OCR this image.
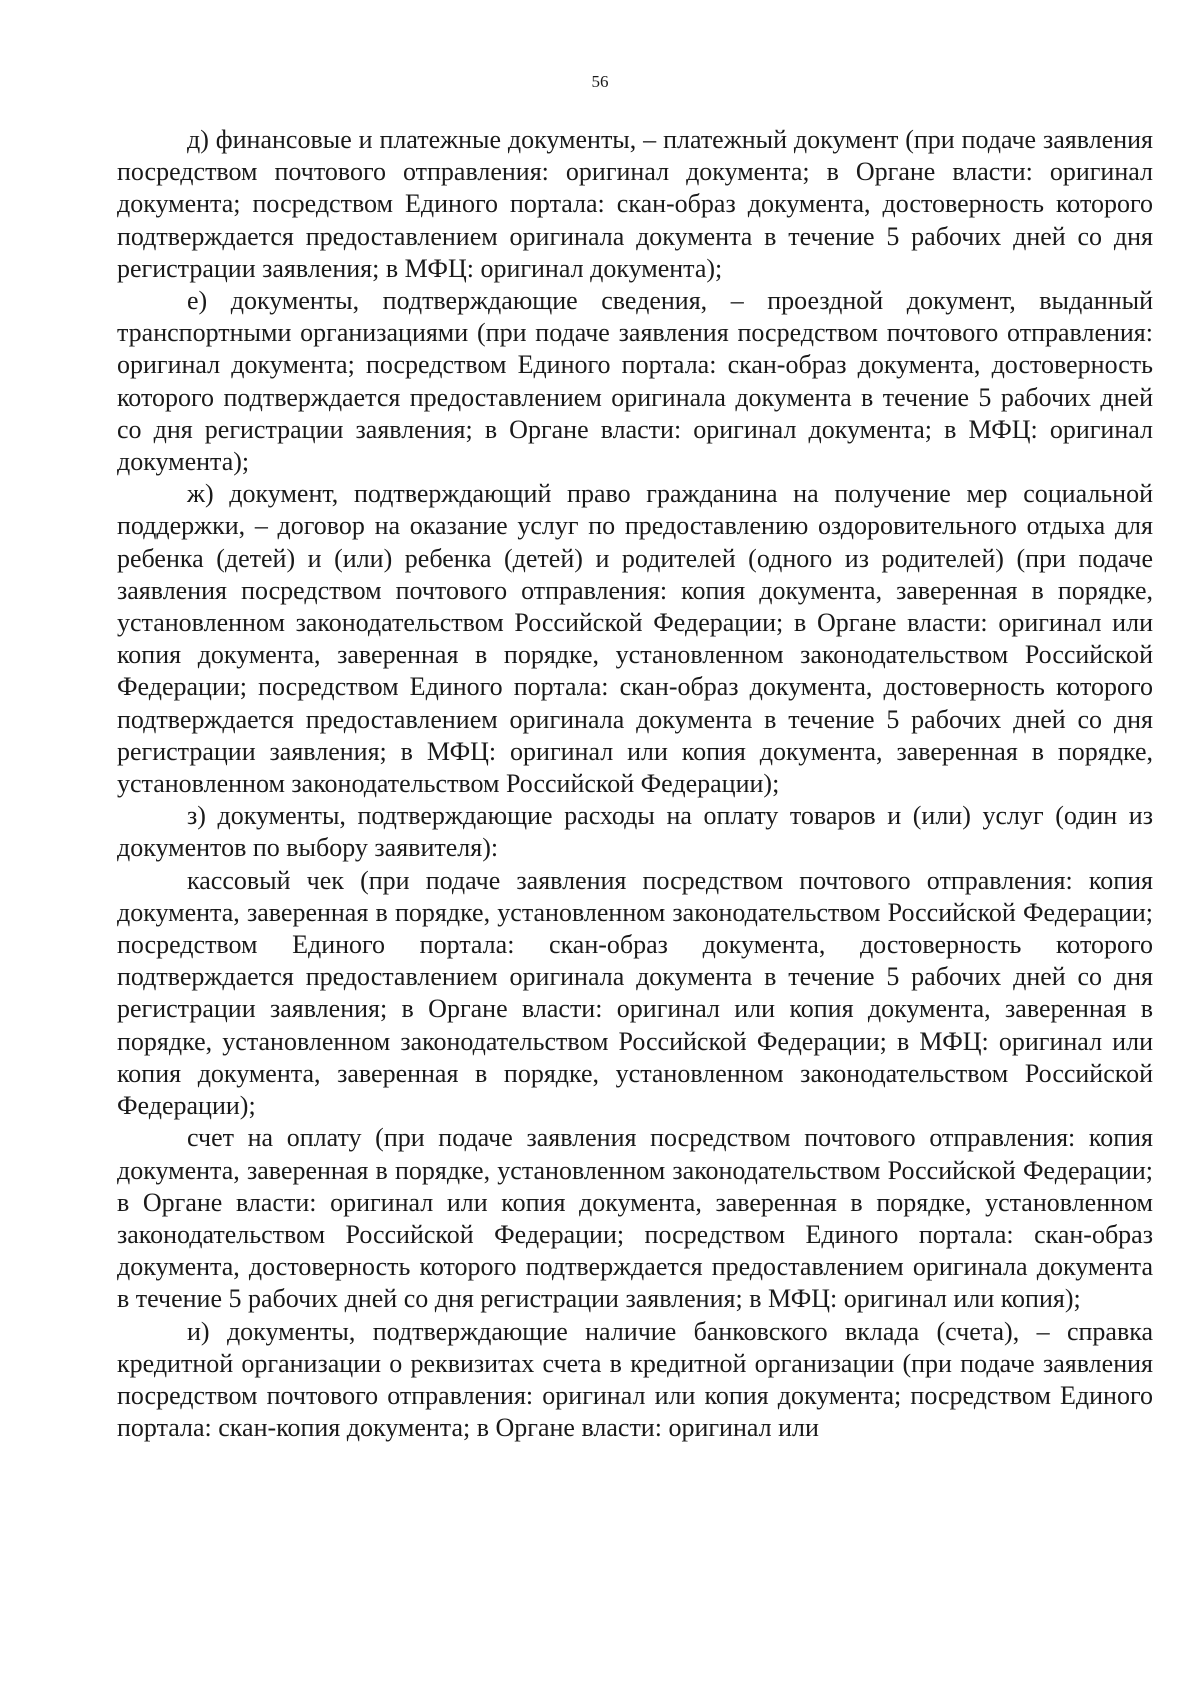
56

д) финансовые и платежные документы, – платежный документ (при подаче заявления посредством почтового отправления: оригинал документа; в Органе власти: оригинал документа; посредством Единого портала: скан-образ документа, достоверность которого подтверждается предоставлением оригинала документа в течение 5 рабочих дней со дня регистрации заявления; в МФЦ: оригинал документа);

е) документы, подтверждающие сведения, – проездной документ, выданный транспортными организациями (при подаче заявления посредством почтового отправления: оригинал документа; посредством Единого портала: скан-образ документа, достоверность которого подтверждается предоставлением оригинала документа в течение 5 рабочих дней со дня регистрации заявления; в Органе власти: оригинал документа; в МФЦ: оригинал документа);

ж) документ, подтверждающий право гражданина на получение мер социальной поддержки, – договор на оказание услуг по предоставлению оздоровительного отдыха для ребенка (детей) и (или) ребенка (детей) и родителей (одного из родителей) (при подаче заявления посредством почтового отправления: копия документа, заверенная в порядке, установленном законодательством Российской Федерации; в Органе власти: оригинал или копия документа, заверенная в порядке, установленном законодательством Российской Федерации; посредством Единого портала: скан-образ документа, достоверность которого подтверждается предоставлением оригинала документа в течение 5 рабочих дней со дня регистрации заявления; в МФЦ: оригинал или копия документа, заверенная в порядке, установленном законодательством Российской Федерации);

з) документы, подтверждающие расходы на оплату товаров и (или) услуг (один из документов по выбору заявителя):

кассовый чек (при подаче заявления посредством почтового отправления: копия документа, заверенная в порядке, установленном законодательством Российской Федерации; посредством Единого портала: скан-образ документа, достоверность которого подтверждается предоставлением оригинала документа в течение 5 рабочих дней со дня регистрации заявления; в Органе власти: оригинал или копия документа, заверенная в порядке, установленном законодательством Российской Федерации; в МФЦ: оригинал или копия документа, заверенная в порядке, установленном законодательством Российской Федерации);

счет на оплату (при подаче заявления посредством почтового отправления: копия документа, заверенная в порядке, установленном законодательством Российской Федерации; в Органе власти: оригинал или копия документа, заверенная в порядке, установленном законодательством Российской Федерации; посредством Единого портала: скан-образ документа, достоверность которого подтверждается предоставлением оригинала документа в течение 5 рабочих дней со дня регистрации заявления; в МФЦ: оригинал или копия);

и) документы, подтверждающие наличие банковского вклада (счета), – справка кредитной организации о реквизитах счета в кредитной организации (при подаче заявления посредством почтового отправления: оригинал или копия документа; посредством Единого портала: скан-копия документа; в Органе власти: оригинал или
